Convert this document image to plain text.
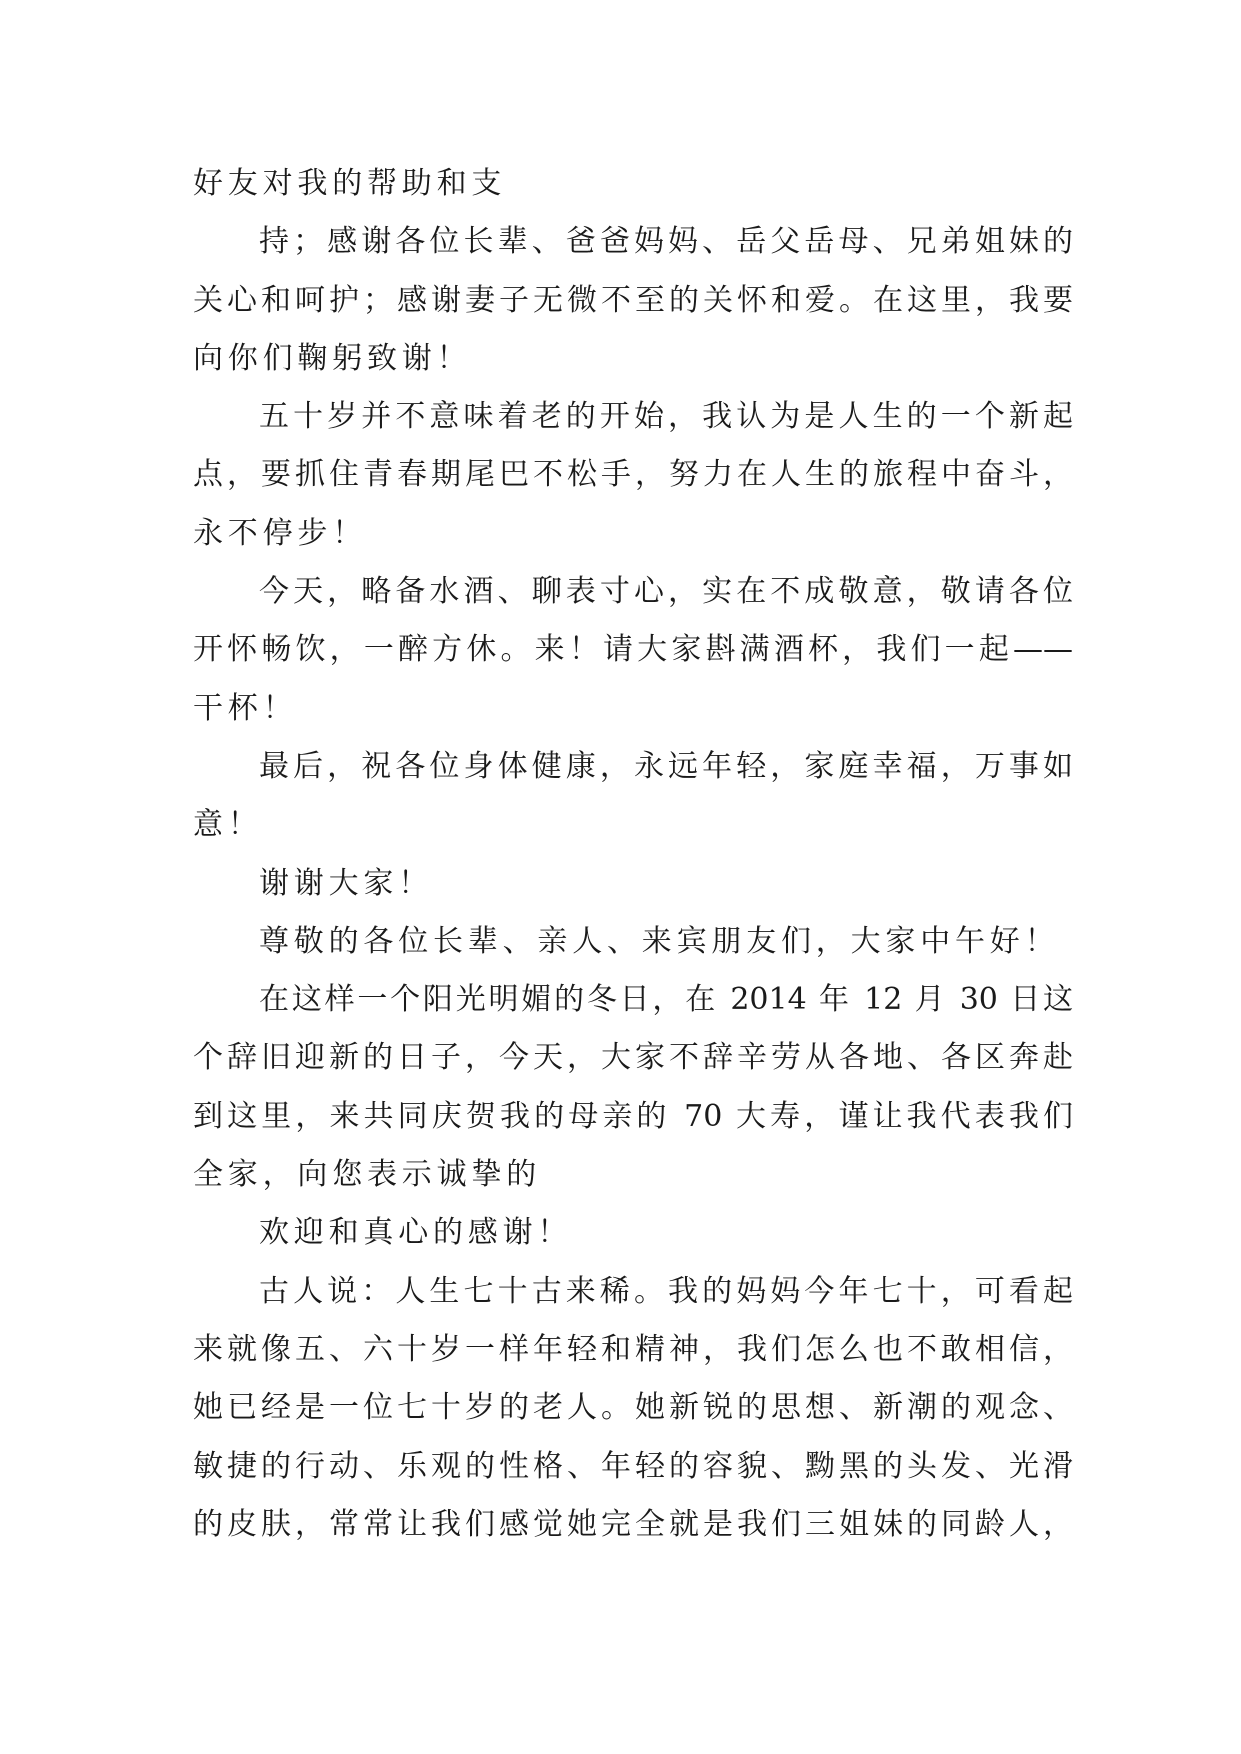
好友对我的帮助和支
持；感谢各位长辈、爸爸妈妈、岳父岳母、兄弟姐妹的
关心和呵护；感谢妻子无微不至的关怀和爱。在这里，我要
向你们鞠躬致谢！
五十岁并不意味着老的开始，我认为是人生的一个新起
点，要抓住青春期尾巴不松手，努力在人生的旅程中奋斗，
永不停步！
今天，略备水酒、聊表寸心，实在不成敬意，敬请各位
开怀畅饮，一醉方休。来！请大家斟满酒杯，我们一起——
干杯！
最后，祝各位身体健康，永远年轻，家庭幸福，万事如
意！
谢谢大家！
尊敬的各位长辈、亲人、来宾朋友们，大家中午好！
在这样一个阳光明媚的冬日，在 2014 年 12 月 30 日这
个辞旧迎新的日子，今天，大家不辞辛劳从各地、各区奔赴
到这里，来共同庆贺我的母亲的 70 大寿，谨让我代表我们
全家，向您表示诚挚的
欢迎和真心的感谢！
古人说：人生七十古来稀。我的妈妈今年七十，可看起
来就像五、六十岁一样年轻和精神，我们怎么也不敢相信，
她已经是一位七十岁的老人。她新锐的思想、新潮的观念、
敏捷的行动、乐观的性格、年轻的容貌、黝黑的头发、光滑
的皮肤，常常让我们感觉她完全就是我们三姐妹的同龄人，
